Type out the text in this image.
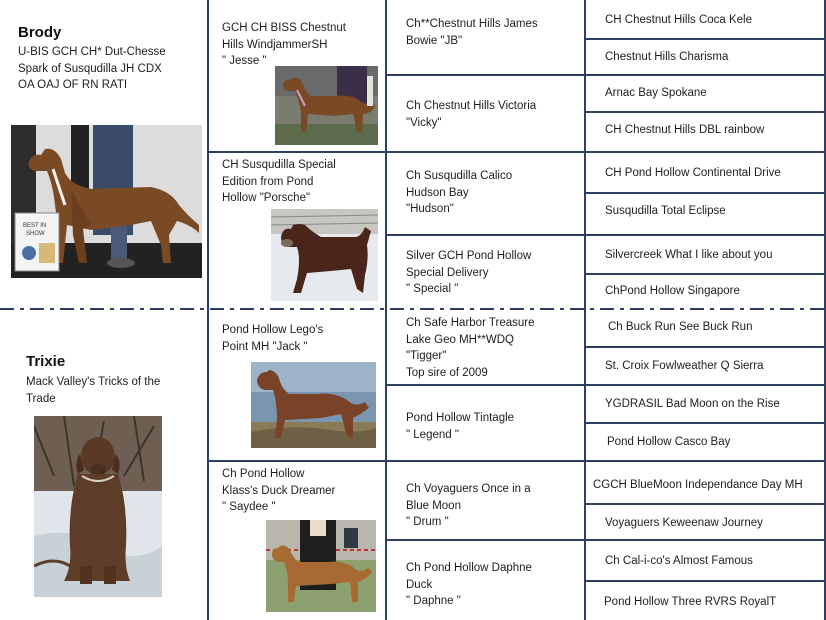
Brody
U-BIS GCH CH* Dut-Chesse
Spark of Susqudilla JH CDX
OA OAJ OF RN RATI
BEST IN
SHOW
Trixie
Mack Valley's Tricks of the
Trade
GCH CH BISS Chestnut
Hills WindjammerSH
" Jesse "
CH Susqudilla Special
Edition from Pond
Hollow "Porsche"
Pond Hollow Lego's
Point MH "Jack "
Ch Pond Hollow
Klass's Duck Dreamer
" Saydee "
Ch**Chestnut Hills James
Bowie "JB"
Ch Chestnut Hills Victoria
"Vicky"
Ch Susqudilla Calico
Hudson Bay
"Hudson"
Silver GCH Pond Hollow
Special Delivery
" Special "
Ch Safe Harbor Treasure
Lake Geo MH**WDQ
"Tigger"
Top sire of 2009
Pond Hollow Tintagle
" Legend "
Ch Voyaguers Once in a
Blue Moon
" Drum "
Ch Pond Hollow Daphne
Duck
" Daphne "
CH Chestnut Hills Coca Kele
Chestnut Hills Charisma
Arnac Bay Spokane
CH Chestnut Hills DBL rainbow
CH Pond Hollow Continental Drive
Susqudilla Total Eclipse
Silvercreek What I like about you
ChPond Hollow Singapore
Ch Buck Run See Buck Run
St. Croix Fowlweather Q Sierra
YGDRASIL Bad Moon on the Rise
Pond Hollow Casco Bay
CGCH BlueMoon Independance Day MH
Voyaguers Keweenaw Journey
Ch Cal-i-co's Almost Famous
Pond Hollow Three RVRS RoyalT
